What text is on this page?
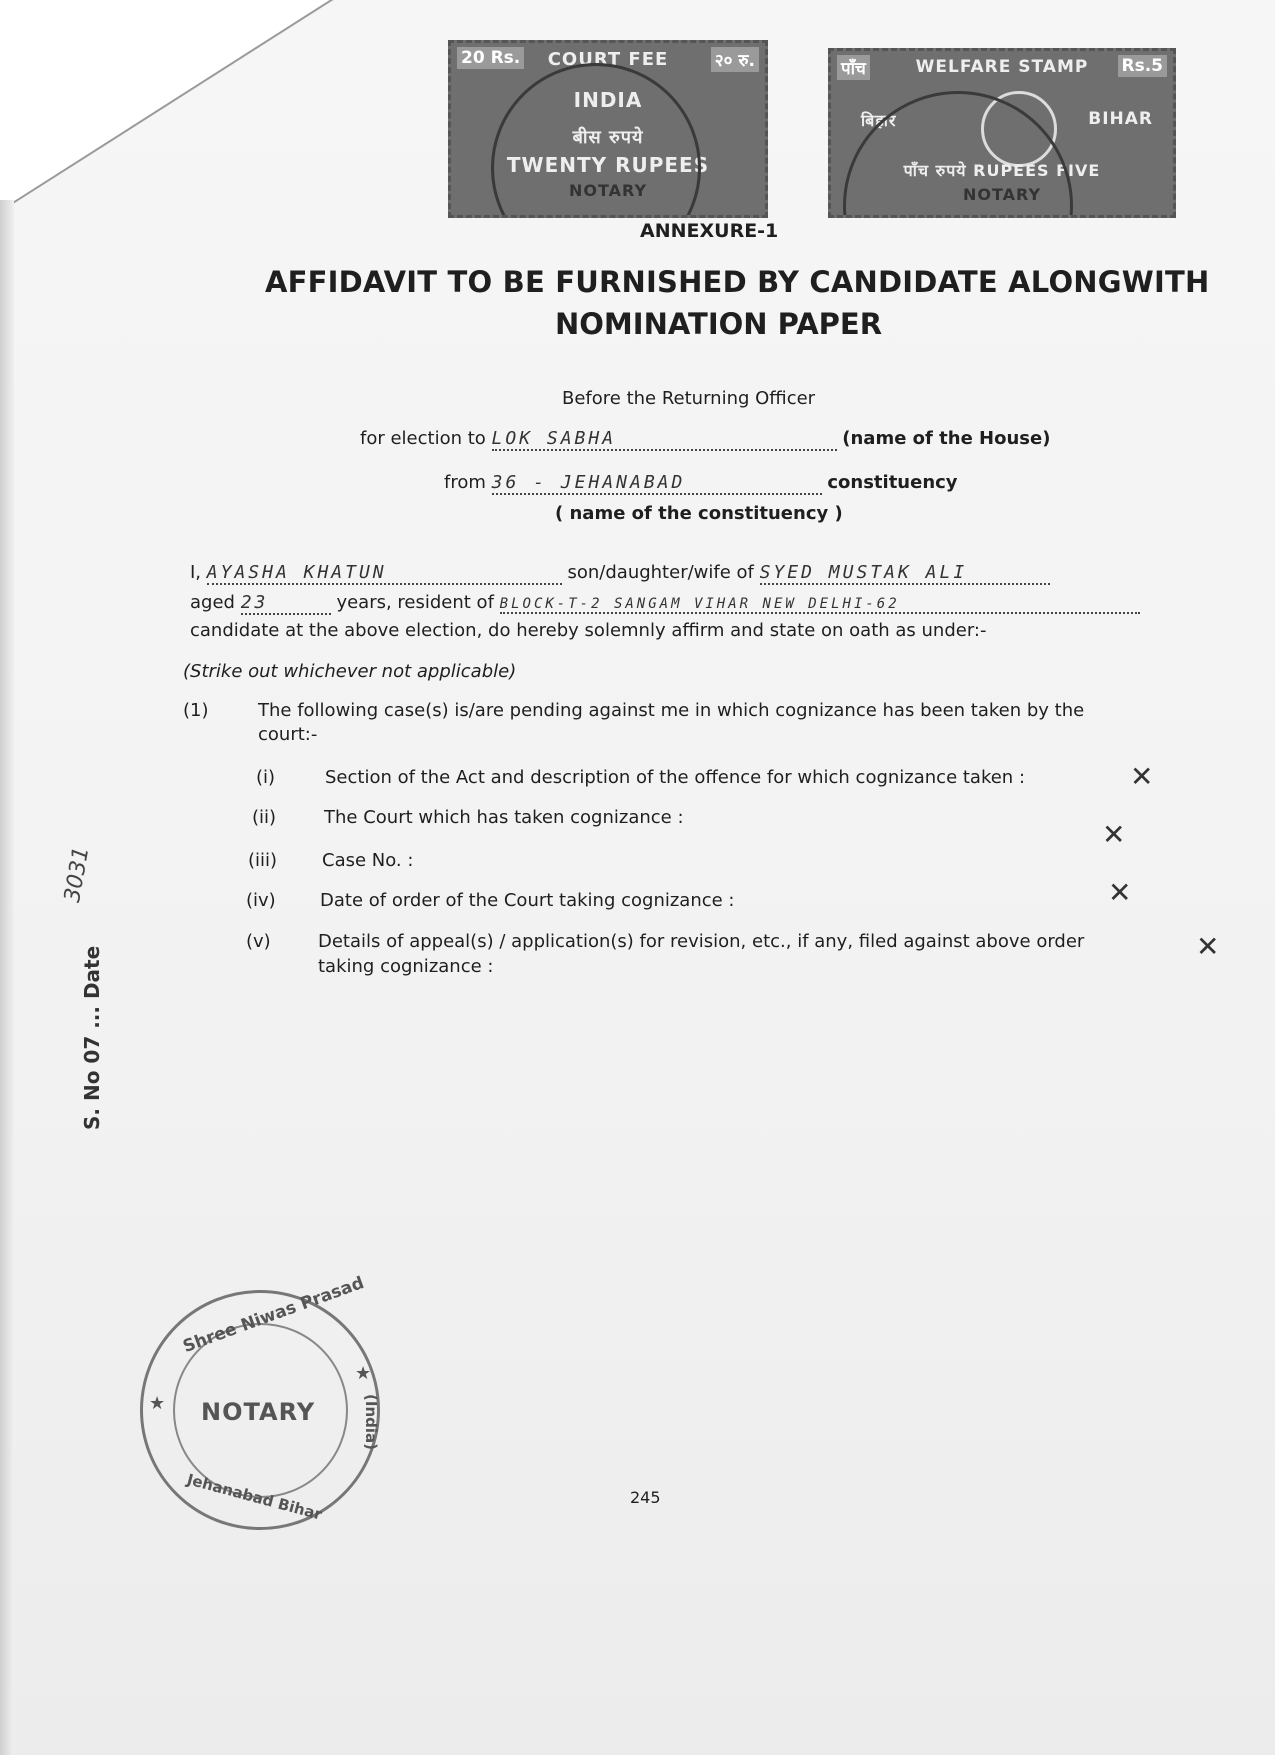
20 Rs.	COURT FEE	२० रु.
INDIA
बीस रुपये
TWENTY RUPEES
NOTARY
पाँच	WELFARE STAMP	Rs.5
बिहार	BIHAR
पाँच रुपये RUPEES FIVE
NOTARY
ANNEXURE-1
AFFIDAVIT TO BE FURNISHED BY CANDIDATE ALONGWITH
NOMINATION PAPER
Before the Returning Officer
for election to LOK SABHA	(name of the House)
from 36 - JEHANABAD	constituency
( name of the constituency )
I, AYASHA KHATUN	son/daughter/wife of SYED MUSTAK ALI
aged 23	years, resident of BLOCK-T-2 SANGAM VIHAR NEW DELHI-62
candidate at the above election, do hereby solemnly affirm and state on oath as under:-
(Strike out whichever not applicable)
(1)	The following case(s) is/are pending against me in which cognizance has been taken by the
court:-
(i)	Section of the Act and description of the offence for which cognizance taken :
(ii)	The Court which has taken cognizance :
(iii) Case No. :
(iv) Date of order of the Court taking cognizance :
(v)	Details of appeal(s) / application(s) for revision, etc., if any, filed against above order
taking cognizance :
✕
✕
✕
✕
S. No 07 ... Date
3031
Shree Niwas Prasad
NOTARY
Jehanabad Bihar
(India)
★
★
245
